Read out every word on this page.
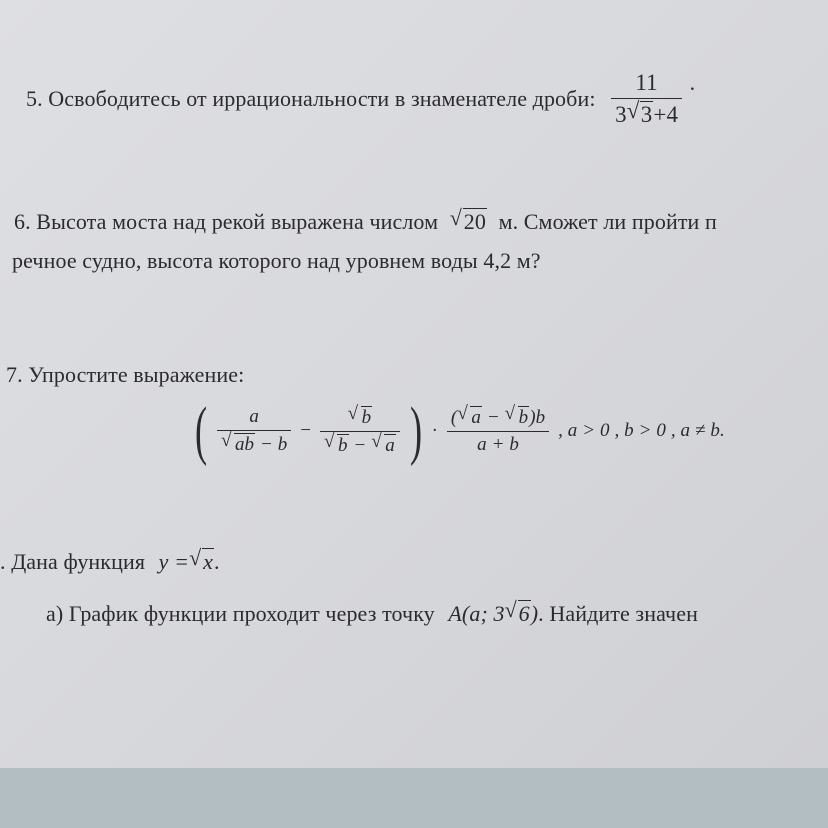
5. Освободитесь от иррациональности в знаменателе дроби: $\frac{11}{3 √ 3+4}$ .
6. Высота моста над рекой выражена числом √ 20 м. Сможет ли пройти п
речное судно, высота которого над уровнем воды 4,2 м?
7. Упростите выражение:
( $\frac{a}{√ ab - b} - \frac{√ b}{√ b - √ a}$ ) · $\frac{( √ a - √ b)b}{a + b}$ , a > 0 , b > 0 , a ≠ b.
. Дана функция y = √ x.
а) График функции проходит через точку A(a; 3 √ 6). Найдите значен
